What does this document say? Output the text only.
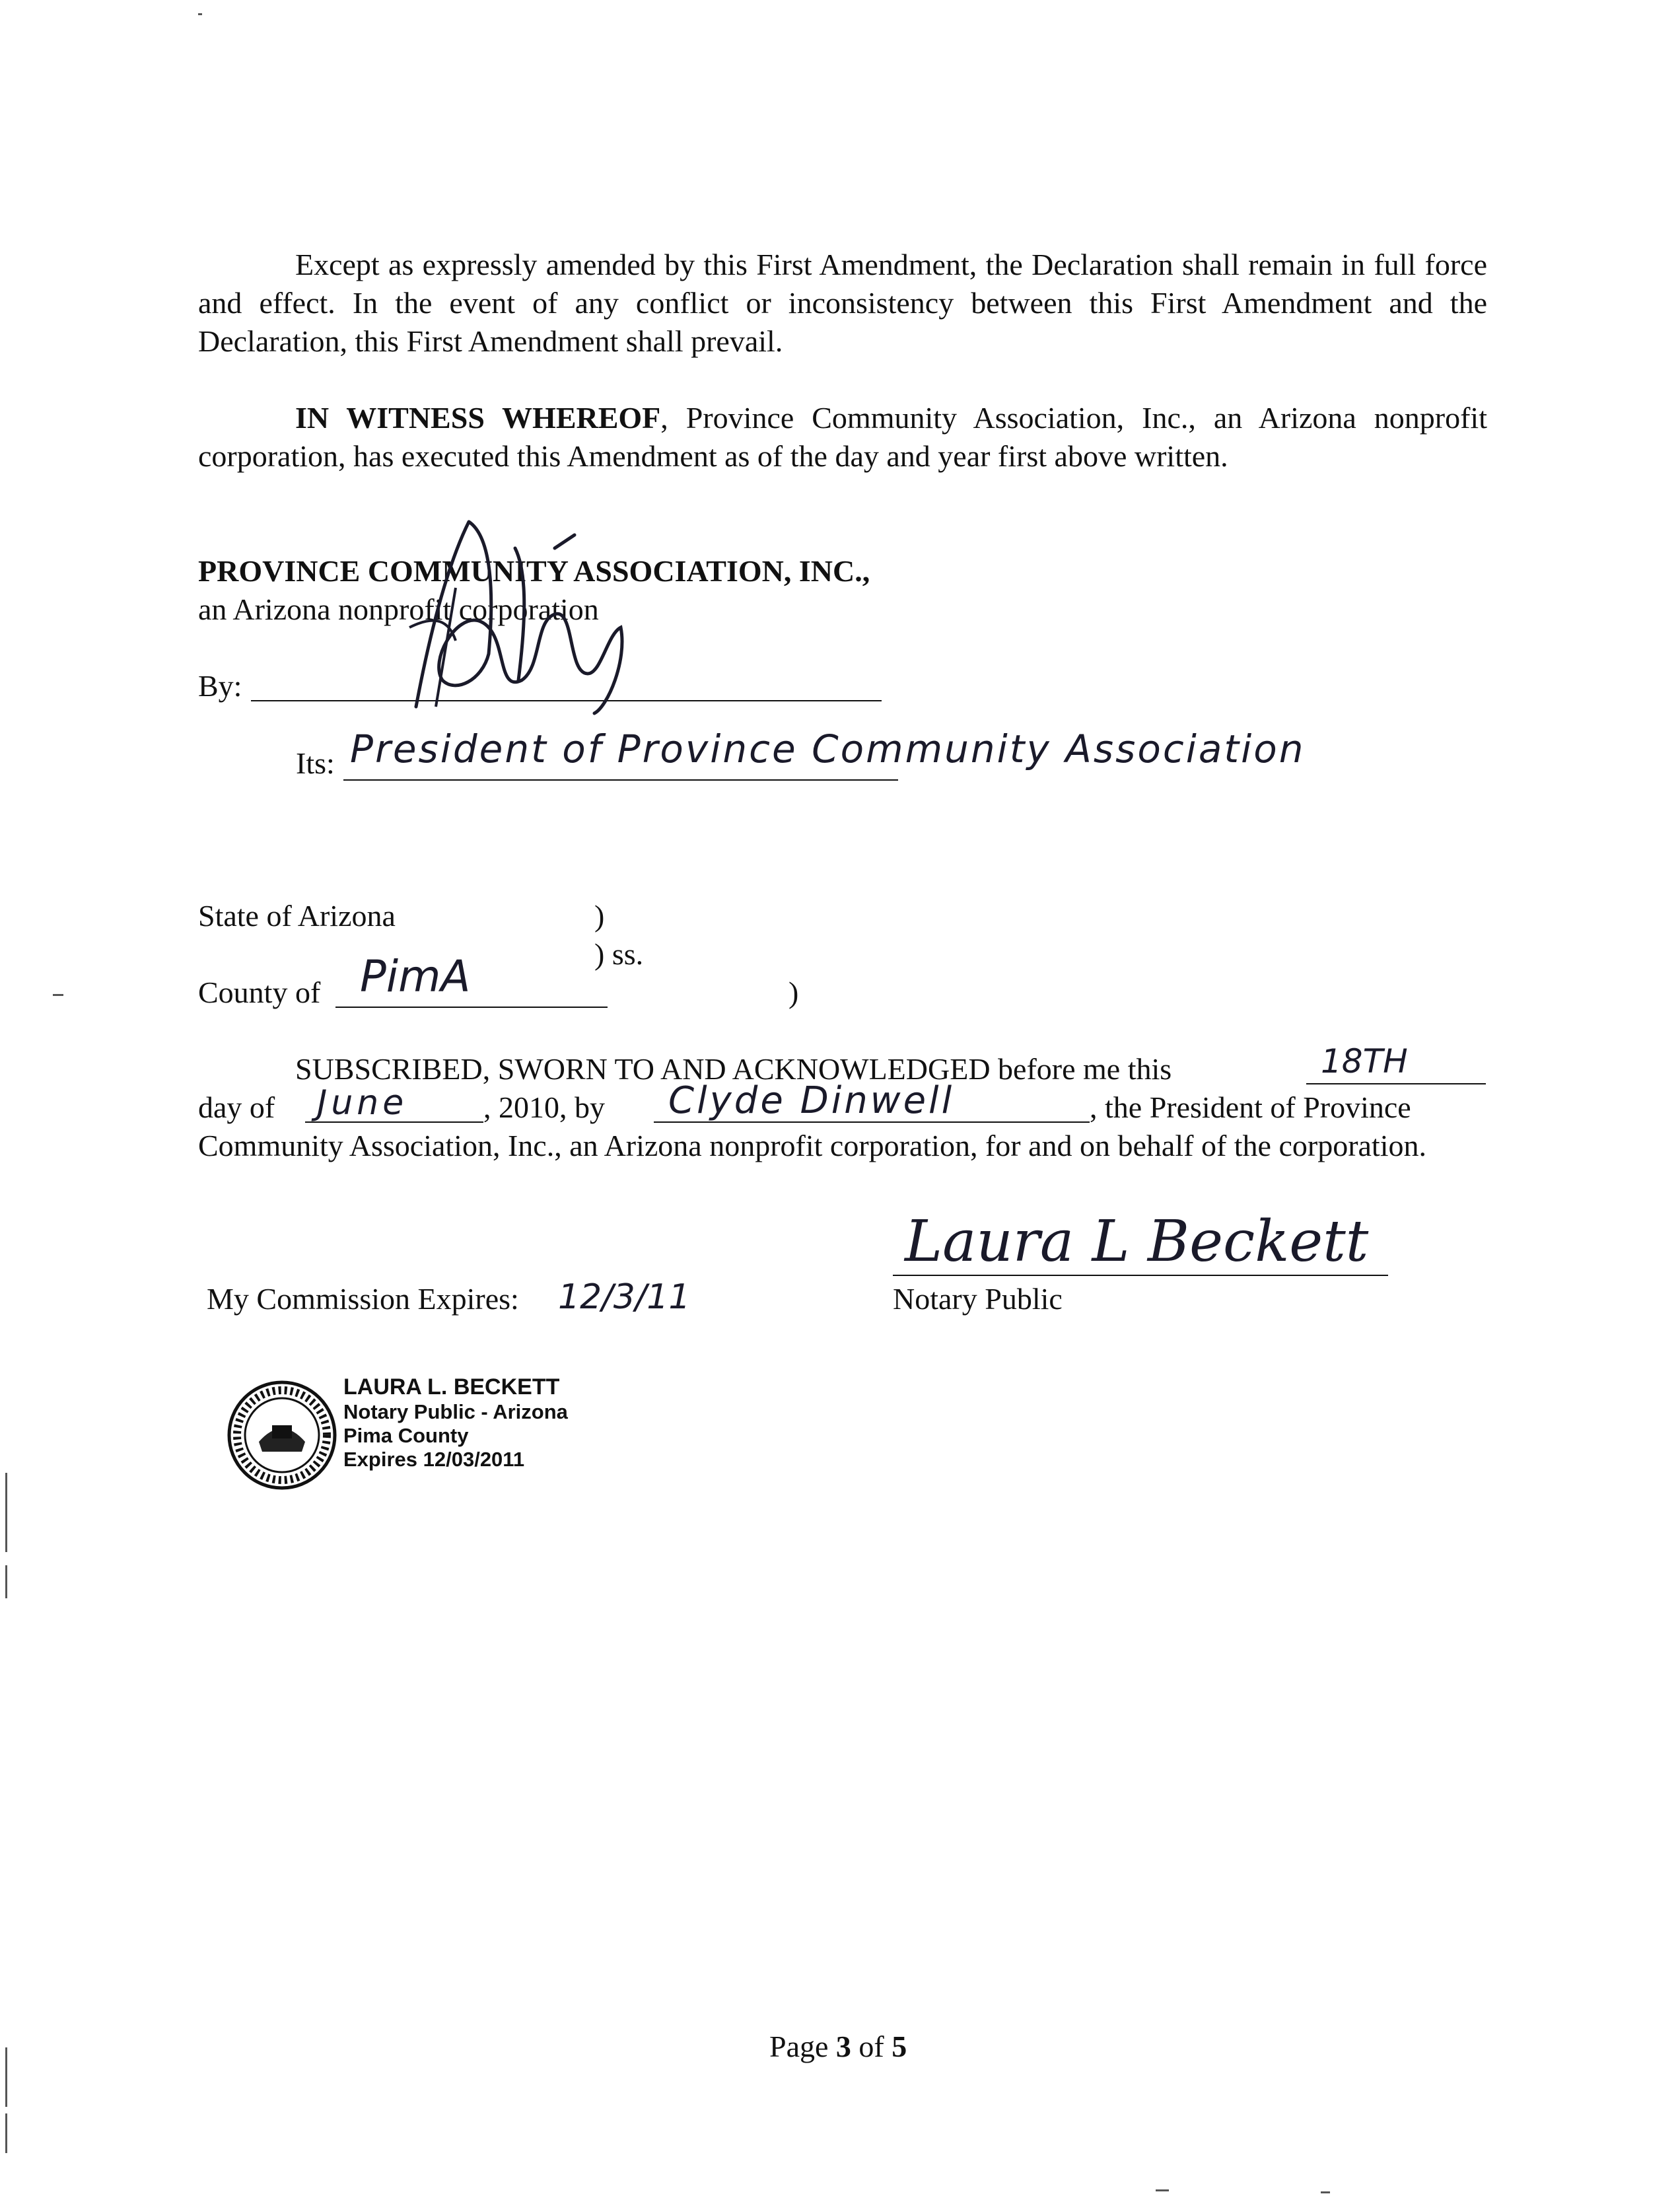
Except as expressly amended by this First Amendment, the Declaration shall remain in full force and effect. In the event of any conflict or inconsistency between this First Amendment and the Declaration, this First Amendment shall prevail.
IN WITNESS WHEREOF, Province Community Association, Inc., an Arizona nonprofit corporation, has executed this Amendment as of the day and year first above written.
PROVINCE COMMUNITY ASSOCIATION, INC.,
an Arizona nonprofit corporation
By:
C. Dinwell
Its: President of Province Community Association
State of Arizona	)
) ss.
County of PimA	)
SUBSCRIBED, SWORN TO AND ACKNOWLEDGED before me this	18TH
day of June , 2010, by Clyde Dinwell	, the President of Province
Community Association, Inc., an Arizona nonprofit corporation, for and on behalf of the corporation.
My Commission Expires: 12/3/11
Laura L Beckett
Notary Public
STATE OF ARIZONA
LAURA L. BECKETT
Notary Public - Arizona
Pima County
Expires 12/03/2011
Page 3 of 5
